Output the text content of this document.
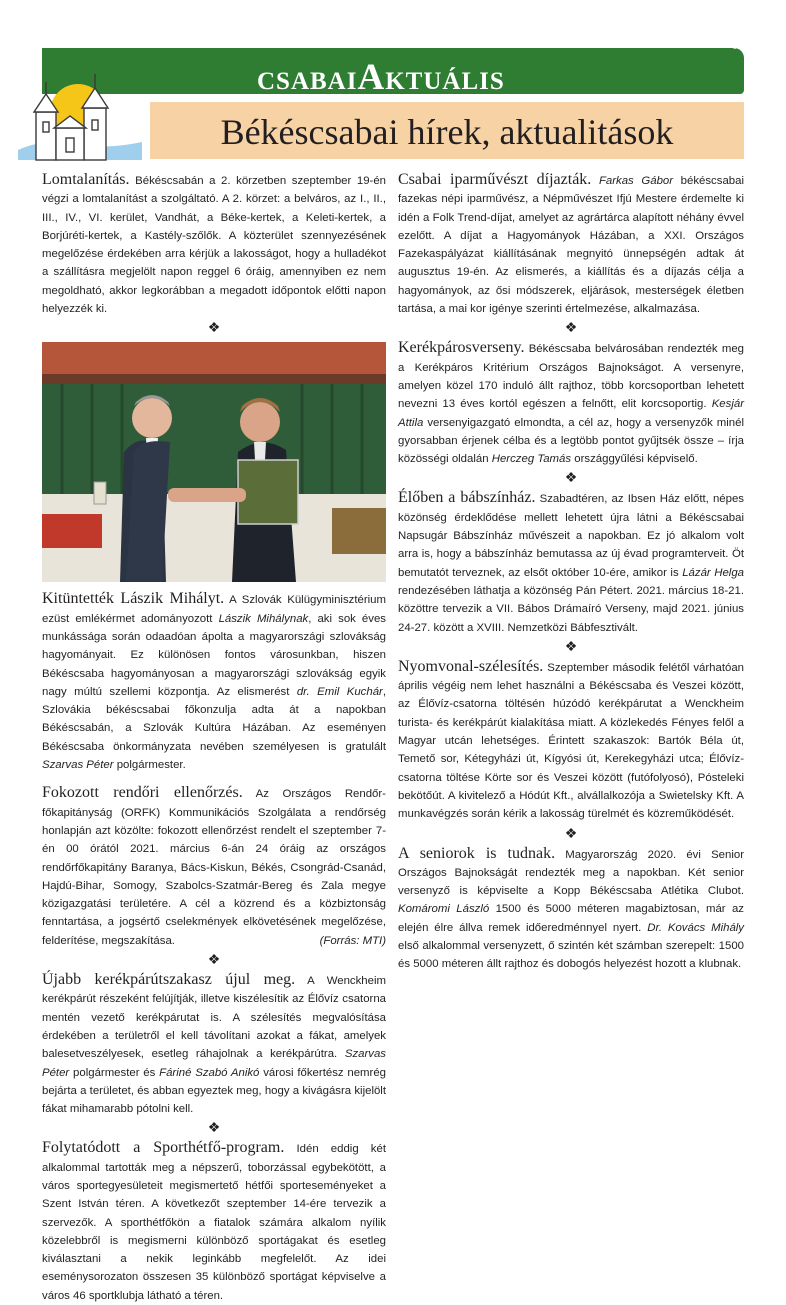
CSABAIAKTUÁLIS	5
Békéscsabai hírek, aktualitások

Lomtalanítás. Békéscsabán a 2. körzetben szeptember 19-én végzi a lomtalanítást a szolgáltató. A 2. körzet: a belváros, az I., II., III., IV., VI. kerület, Vandhát, a Béke-kertek, a Keleti-kertek, a Borjúréti-kertek, a Kastély-szőlők. A közterület szennyezésének megelőzése érdekében arra kérjük a lakosságot, hogy a hulladékot a szállításra megjelölt napon reggel 6 óráig, amennyiben ez nem megoldható, akkor legkorábban a megadott időpontok előtti napon helyezzék ki.

❖

Kitüntették Lászik Mihályt. A Szlovák Külügyminisztérium ezüst emlékérmet adományozott Lászik Mihálynak, aki sok éves munkássága során odaadóan ápolta a magyarországi szlovákság hagyományait. Ez különösen fontos városunkban, hiszen Békéscsaba hagyományosan a magyarországi szlovákság egyik nagy múltú szellemi központja. Az elismerést dr. Emil Kuchár, Szlovákia békéscsabai főkonzulja adta át a napokban Békéscsabán, a Szlovák Kultúra Házában. Az eseményen Békéscsaba önkormányzata nevében személyesen is gratulált Szarvas Péter polgármester.

Fokozott rendőri ellenőrzés. Az Országos Rendőr-főkapitányság (ORFK) Kommunikációs Szolgálata a rendőrség honlapján azt közölte: fokozott ellenőrzést rendelt el szeptember 7-én 00 órától 2021. március 6-án 24 óráig az országos rendőrfőkapitány Baranya, Bács-Kiskun, Békés, Csongrád-Csanád, Hajdú-Bihar, Somogy, Szabolcs-Szatmár-Bereg és Zala megye közigazgatási területére. A cél a közrend és a közbiztonság fenntartása, a jogsértő cselekmények elkövetésének megelőzése, felderítése, megszakítása.	(Forrás: MTI)

❖

Újabb kerékpárútszakasz újul meg. A Wenckheim kerékpárút részeként felújítják, illetve kiszélesítik az Élővíz csatorna mentén vezető kerékpárutat is. A szélesítés megvalósítása érdekében a területről el kell távolítani azokat a fákat, amelyek balesetveszélyesek, esetleg ráhajolnak a kerékpárútra. Szarvas Péter polgármester és Fáriné Szabó Anikó városi főkertész nemrég bejárta a területet, és abban egyeztek meg, hogy a kivágásra kijelölt fákat mihamarabb pótolni kell.

❖

Folytatódott a Sporthétfő-program. Idén eddig két alkalommal tartották meg a népszerű, toborzással egybekötött, a város sportegyesületeit megismertető hétfői sporteseményeket a Szent István téren. A következőt szeptember 14-ére tervezik a szervezők. A sporthétfőkön a fiatalok számára alkalom nyílik közelebbről is megismerni különböző sportágakat és esetleg kiválasztani a nekik leginkább megfelelőt. Az idei eseménysorozaton összesen 35 különböző sportágat képviselve a város 46 sportklubja látható a téren.

Csabai iparművészt díjazták. Farkas Gábor békéscsabai fazekas népi iparművész, a Népművészet Ifjú Mestere érdemelte ki idén a Folk Trend-díjat, amelyet az agrártárca alapított néhány évvel ezelőtt. A díjat a Hagyományok Házában, a XXI. Országos Fazekaspályázat kiállításának megnyitó ünnepségén adtak át augusztus 19-én. Az elismerés, a kiállítás és a díjazás célja a hagyományok, az ősi módszerek, eljárások, mesterségek életben tartása, a mai kor igénye szerinti értelmezése, alkalmazása.

❖

Kerékpárosverseny. Békéscsaba belvárosában rendezték meg a Kerékpáros Kritérium Országos Bajnokságot. A versenyre, amelyen közel 170 induló állt rajthoz, több korcsoportban lehetett nevezni 13 éves kortól egészen a felnőtt, elit korcsoportig. Kesjár Attila versenyigazgató elmondta, a cél az, hogy a versenyzők minél gyorsabban érjenek célba és a legtöbb pontot gyűjtsék össze – írja közösségi oldalán Herczeg Tamás országgyűlési képviselő.

❖

Élőben a bábszínház. Szabadtéren, az Ibsen Ház előtt, népes közönség érdeklődése mellett lehetett újra látni a Békéscsabai Napsugár Bábszínház művészeit a napokban. Ez jó alkalom volt arra is, hogy a bábszínház bemutassa az új évad programterveit. Öt bemutatót terveznek, az elsőt október 10-ére, amikor is Lázár Helga rendezésében láthatja a közönség Pán Pétert. 2021. március 18-21. közöttre tervezik a VII. Bábos Drámaíró Verseny, majd 2021. június 24-27. között a XVIII. Nemzetközi Bábfesztivált.

❖

Nyomvonal-szélesítés. Szeptember második felétől várhatóan április végéig nem lehet használni a Békéscsaba és Veszei között, az Élővíz-csatorna töltésén húzódó kerékpárutat a Wenckheim turista- és kerékpárút kialakítása miatt. A közlekedés Fényes felől a Magyar utcán lehetséges. Érintett szakaszok: Bartók Béla út, Temető sor, Kétegyházi út, Kígyósi út, Kerekegyházi utca; Élővíz-csatorna töltése Körte sor és Veszei között (futófolyosó), Pósteleki bekötőút. A kivitelező a Hódút Kft., alvállalkozója a Swietelsky Kft. A munkavégzés során kérik a lakosság türelmét és közreműködését.

❖

A seniorok is tudnak. Magyarország 2020. évi Senior Országos Bajnokságát rendezték meg a napokban. Két senior versenyző is képviselte a Kopp Békéscsaba Atlétika Clubot. Komáromi László 1500 és 5000 méteren magabiztosan, már az elején élre állva remek időeredménnyel nyert. Dr. Kovács Mihály első alkalommal versenyzett, ő szintén két számban szerepelt: 1500 és 5000 méteren állt rajthoz és dobogós helyezést hozott a klubnak.
